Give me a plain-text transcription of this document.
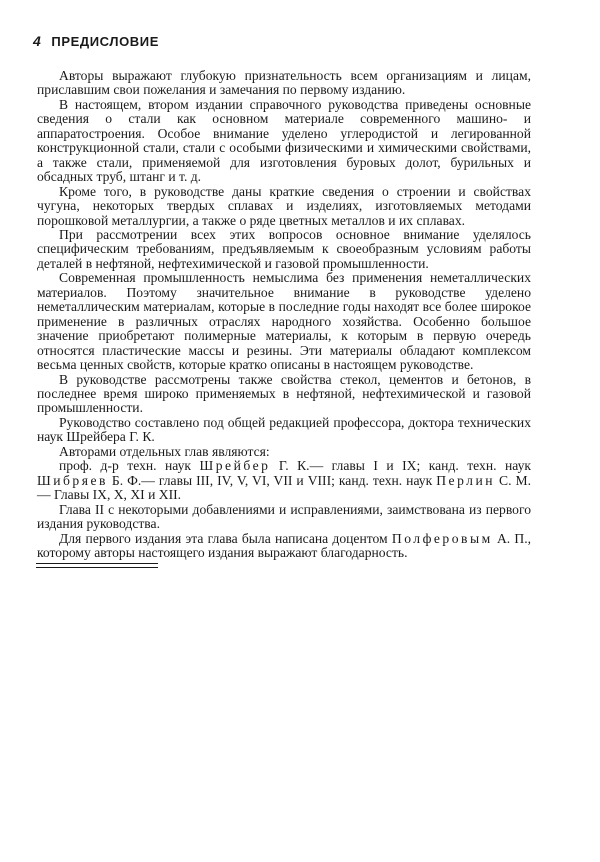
4 ПРЕДИСЛОВИЕ

Авторы выражают глубокую признательность всем организациям и лицам, приславшим свои пожелания и замечания по первому изданию.

В настоящем, втором издании справочного руководства приведены основные сведения о стали как основном материале современного машино- и аппаратостроения. Особое внимание уделено углеродистой и легированной конструкционной стали, стали с особыми физическими и химическими свойствами, а также стали, применяемой для изготовления буровых долот, бурильных и обсадных труб, штанг и т. д.

Кроме того, в руководстве даны краткие сведения о строении и свойствах чугуна, некоторых твердых сплавах и изделиях, изготовляемых методами порошковой металлургии, а также о ряде цветных металлов и их сплавах.

При рассмотрении всех этих вопросов основное внимание уделялось специфическим требованиям, предъявляемым к своеобразным условиям работы деталей в нефтяной, нефтехимической и газовой промышленности.

Современная промышленность немыслима без применения неметаллических материалов. Поэтому значительное внимание в руководстве уделено неметаллическим материалам, которые в последние годы находят все более широкое применение в различных отраслях народного хозяйства. Особенно большое значение приобретают полимерные материалы, к которым в первую очередь относятся пластические массы и резины. Эти материалы обладают комплексом весьма ценных свойств, которые кратко описаны в настоящем руководстве.

В руководстве рассмотрены также свойства стекол, цементов и бетонов, в последнее время широко применяемых в нефтяной, нефтехимической и газовой промышленности.

Руководство составлено под общей редакцией профессора, доктора технических наук Шрейбера Г. К.

Авторами отдельных глав являются:

проф. д-р техн. наук Шрейбер Г. К.— главы I и IX; канд. техн. наук Шибряев Б. Ф.— главы III, IV, V, VI, VII и VIII; канд. техн. наук Перлин С. М.— Главы IX, X, XI и XII.

Глава II с некоторыми добавлениями и исправлениями, заимствована из первого издания руководства.

Для первого издания эта глава была написана доцентом Полферовым А. П., которому авторы настоящего издания выражают благодарность.
